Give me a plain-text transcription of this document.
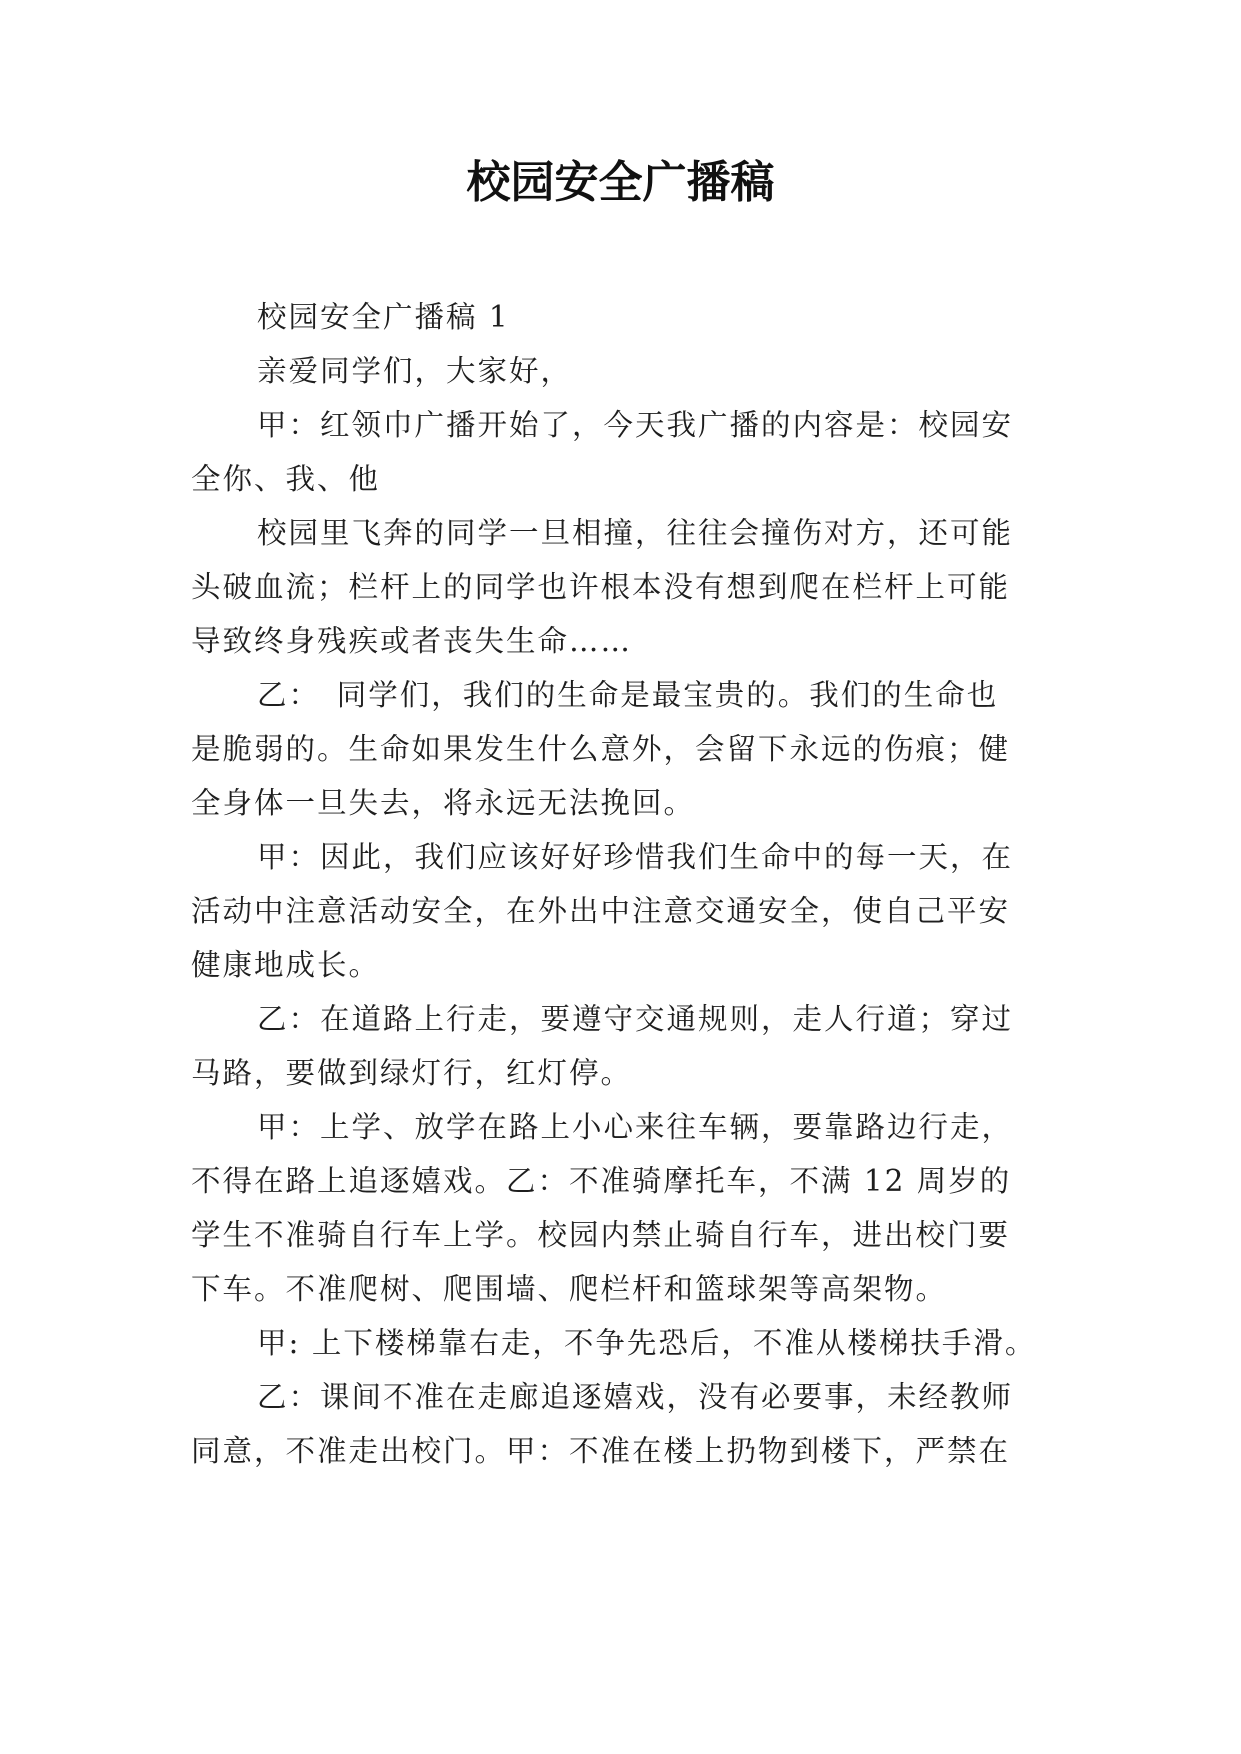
校园安全广播稿

校园安全广播稿 1

亲爱同学们，大家好，

甲：红领巾广播开始了，今天我广播的内容是：校园安
全你、我、他

校园里飞奔的同学一旦相撞，往往会撞伤对方，还可能
头破血流；栏杆上的同学也许根本没有想到爬在栏杆上可能
导致终身残疾或者丧失生命……

乙：　同学们，我们的生命是最宝贵的。我们的生命也
是脆弱的。生命如果发生什么意外，会留下永远的伤痕；健
全身体一旦失去，将永远无法挽回。

甲：因此，我们应该好好珍惜我们生命中的每一天，在
活动中注意活动安全，在外出中注意交通安全，使自己平安
健康地成长。

乙：在道路上行走，要遵守交通规则，走人行道；穿过
马路，要做到绿灯行，红灯停。

甲：上学、放学在路上小心来往车辆，要靠路边行走，
不得在路上追逐嬉戏。乙：不准骑摩托车，不满 12 周岁的
学生不准骑自行车上学。校园内禁止骑自行车，进出校门要
下车。不准爬树、爬围墙、爬栏杆和篮球架等高架物。

甲: 上下楼梯靠右走，不争先恐后，不准从楼梯扶手滑。

乙：课间不准在走廊追逐嬉戏，没有必要事，未经教师
同意，不准走出校门。甲：不准在楼上扔物到楼下，严禁在
